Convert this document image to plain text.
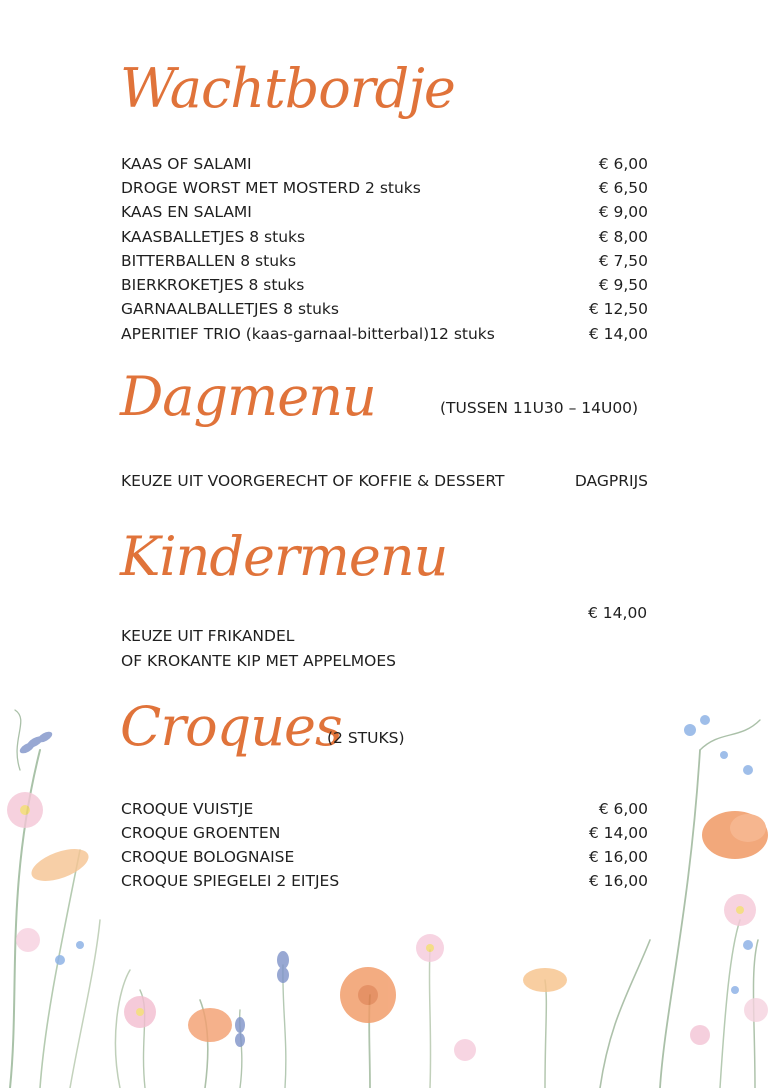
Wachtbordje
KAAS OF SALAMI	€ 6,00
DROGE WORST MET MOSTERD 2 stuks	€ 6,50
KAAS EN SALAMI	€ 9,00
KAASBALLETJES 8 stuks	€ 8,00
BITTERBALLEN 8 stuks	€ 7,50
BIERKROKETJES 8 stuks	€ 9,50
GARNAALBALLETJES 8 stuks	€ 12,50
APERITIEF TRIO (kaas-garnaal-bitterbal)12 stuks	€ 14,00
Dagmenu	(TUSSEN 11U30 – 14U00)
KEUZE UIT VOORGERECHT OF KOFFIE & DESSERT	DAGPRIJS
Kindermenu
€ 14,00
KEUZE UIT FRIKANDEL
OF KROKANTE KIP MET APPELMOES
Croques
(2 STUKS)
CROQUE VUISTJE	€ 6,00
CROQUE GROENTEN	€ 14,00
CROQUE BOLOGNAISE	€ 16,00
CROQUE SPIEGELEI 2 EITJES	€ 16,00
